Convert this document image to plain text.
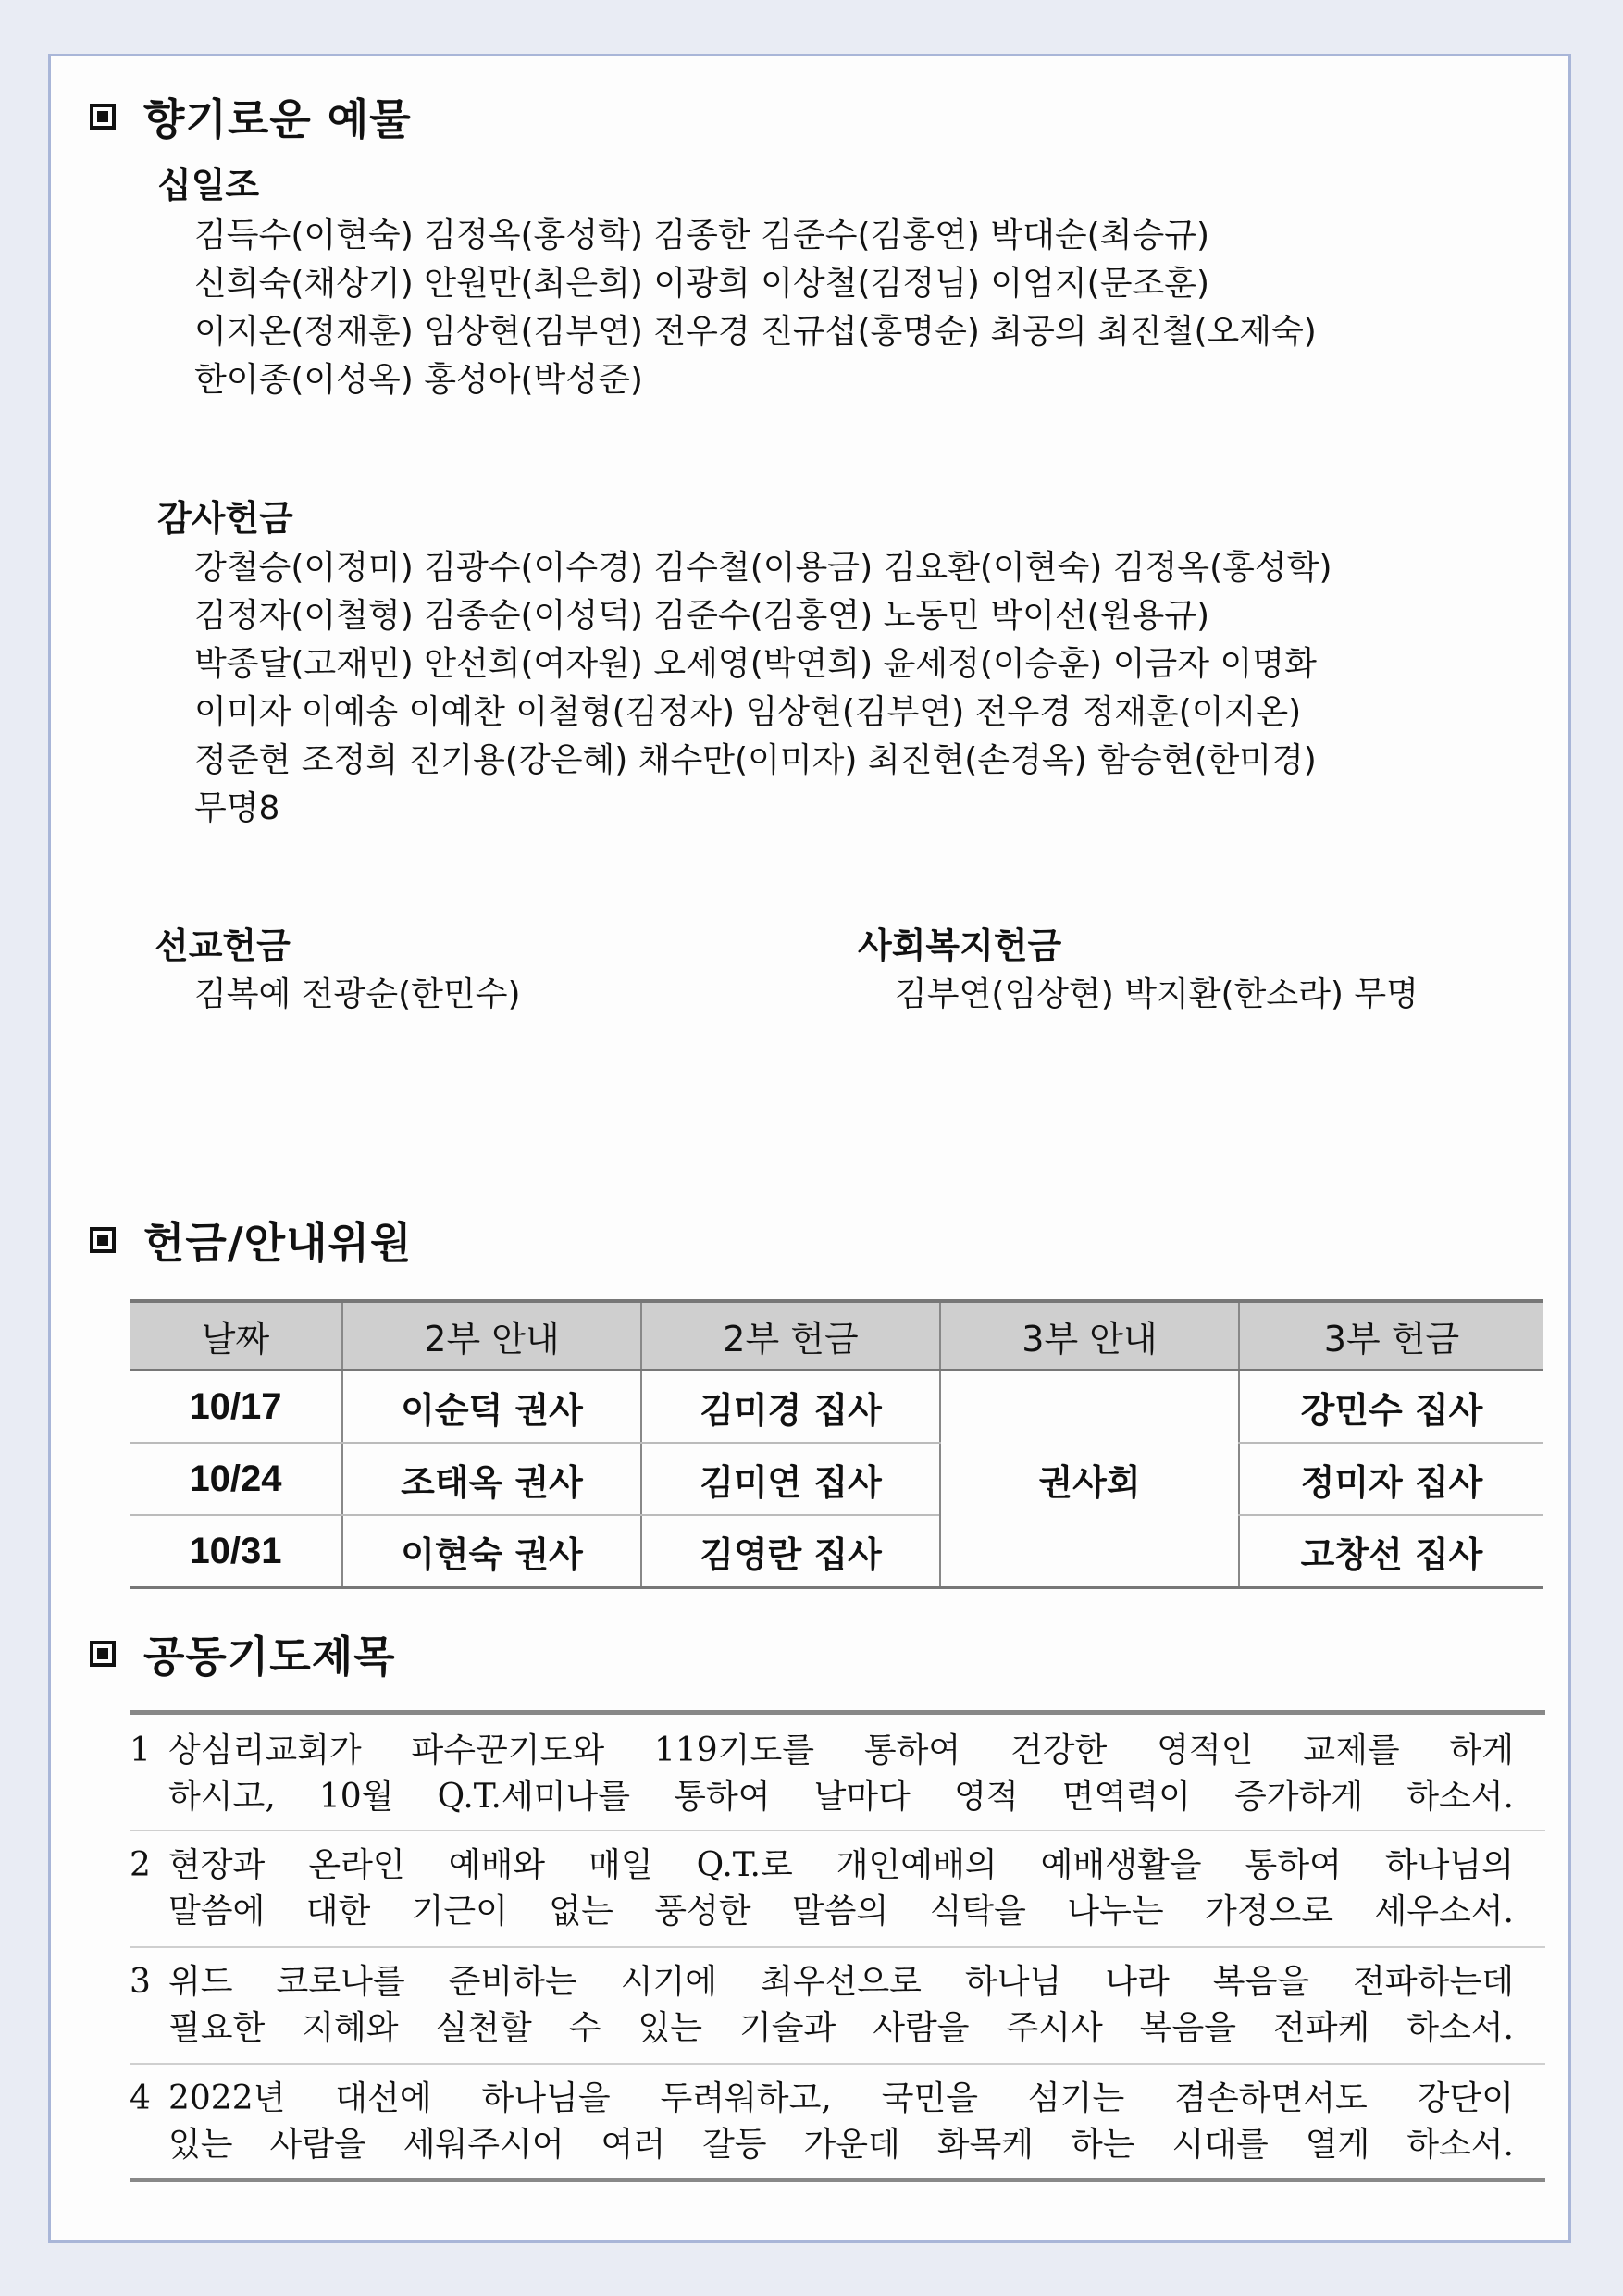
향기로운 예물
십일조
김득수(이현숙) 김정옥(홍성학) 김종한 김준수(김홍연) 박대순(최승규)
신희숙(채상기) 안원만(최은희) 이광희 이상철(김정님) 이엄지(문조훈)
이지온(정재훈) 임상현(김부연) 전우경 진규섭(홍명순) 최공의 최진철(오제숙)
한이종(이성옥) 홍성아(박성준)
감사헌금
강철승(이정미) 김광수(이수경) 김수철(이용금) 김요환(이현숙) 김정옥(홍성학)
김정자(이철형) 김종순(이성덕) 김준수(김홍연) 노동민 박이선(원용규)
박종달(고재민) 안선희(여자원) 오세영(박연희) 윤세정(이승훈) 이금자 이명화
이미자 이예송 이예찬 이철형(김정자) 임상현(김부연) 전우경 정재훈(이지온)
정준현 조정희 진기용(강은혜) 채수만(이미자) 최진현(손경옥) 함승현(한미경)
무명8
선교헌금
김복예 전광순(한민수)
사회복지헌금
김부연(임상현) 박지환(한소라) 무명
헌금/안내위원
날짜	2부 안내	2부 헌금	3부 안내	3부 헌금
10/17	이순덕 권사	김미경 집사	권사회	강민수 집사
10/24	조태옥 권사	김미연 집사		정미자 집사
10/31	이현숙 권사	김영란 집사		고창선 집사
공동기도제목
1 상심리교회가 파수꾼기도와 119기도를 통하여 건강한 영적인 교제를 하게
하시고, 10월 Q.T.세미나를 통하여 날마다 영적 면역력이 증가하게 하소서.
2 현장과 온라인 예배와 매일 Q.T.로 개인예배의 예배생활을 통하여 하나님의
말씀에 대한 기근이 없는 풍성한 말씀의 식탁을 나누는 가정으로 세우소서.
3 위드 코로나를 준비하는 시기에 최우선으로 하나님 나라 복음을 전파하는데
필요한 지혜와 실천할 수 있는 기술과 사람을 주시사 복음을 전파케 하소서.
4 2022년 대선에 하나님을 두려워하고, 국민을 섬기는 겸손하면서도 강단이
있는 사람을 세워주시어 여러 갈등 가운데 화목케 하는 시대를 열게 하소서.
